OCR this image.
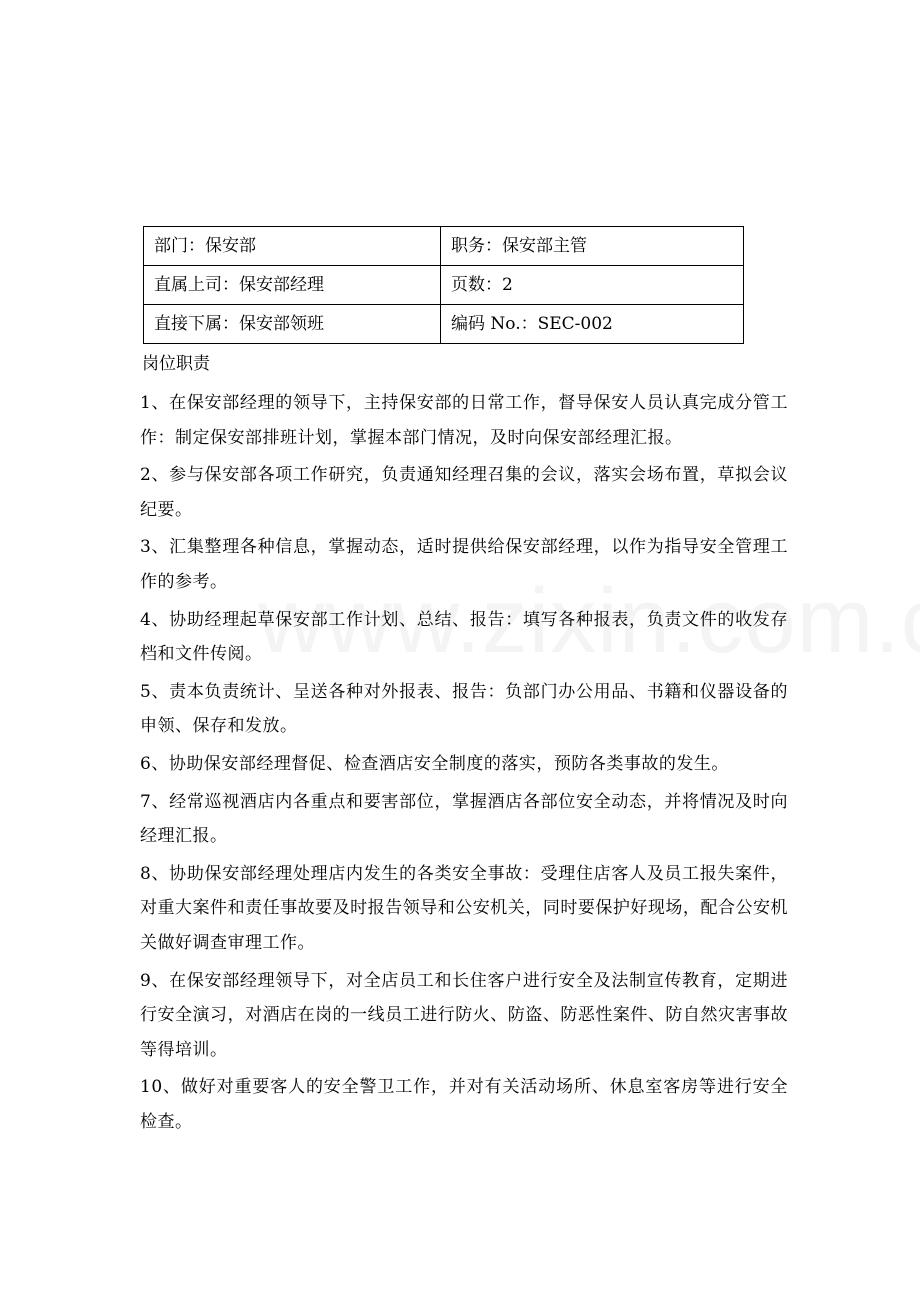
部门：保安部	职务：保安部主管
直属上司：保安部经理	页数：2
直接下属：保安部领班	编码 No.：SEC-002
岗位职责
1、在保安部经理的领导下，主持保安部的日常工作，督导保安人员认真完成分管工作：制定保安部排班计划，掌握本部门情况，及时向保安部经理汇报。
2、参与保安部各项工作研究，负责通知经理召集的会议，落实会场布置，草拟会议纪要。
3、汇集整理各种信息，掌握动态，适时提供给保安部经理，以作为指导安全管理工作的参考。
4、协助经理起草保安部工作计划、总结、报告：填写各种报表，负责文件的收发存档和文件传阅。
5、责本负责统计、呈送各种对外报表、报告：负部门办公用品、书籍和仪器设备的申领、保存和发放。
6、协助保安部经理督促、检查酒店安全制度的落实，预防各类事故的发生。
7、经常巡视酒店内各重点和要害部位，掌握酒店各部位安全动态，并将情况及时向经理汇报。
8、协助保安部经理处理店内发生的各类安全事故：受理住店客人及员工报失案件，对重大案件和责任事故要及时报告领导和公安机关，同时要保护好现场，配合公安机关做好调查审理工作。
9、在保安部经理领导下，对全店员工和长住客户进行安全及法制宣传教育，定期进行安全演习，对酒店在岗的一线员工进行防火、防盗、防恶性案件、防自然灾害事故等得培训。
10、做好对重要客人的安全警卫工作，并对有关活动场所、休息室客房等进行安全检查。
